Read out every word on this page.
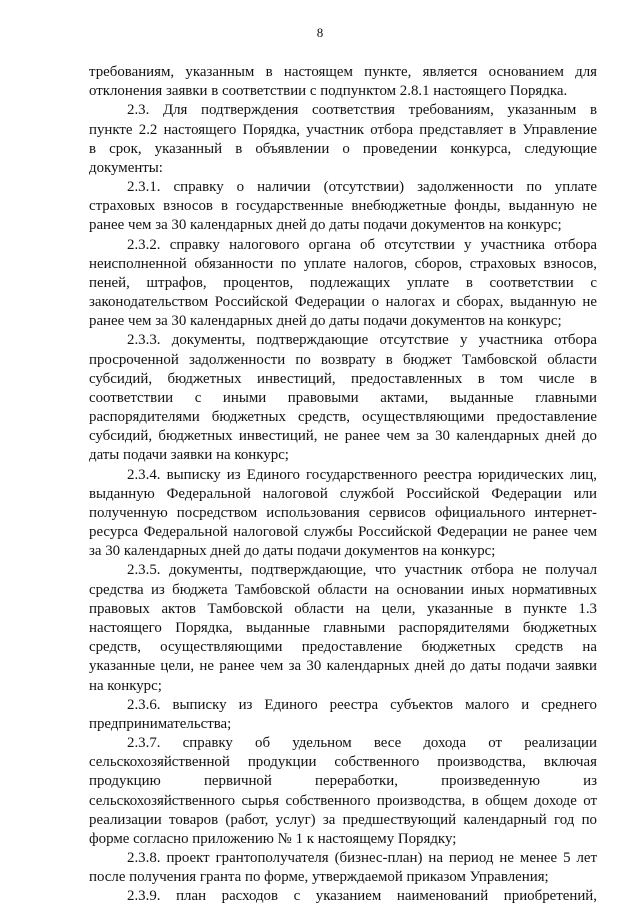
8
требованиям, указанным в настоящем пункте, является основанием для
отклонения заявки в соответствии с подпунктом 2.8.1 настоящего Порядка.
2.3. Для подтверждения соответствия требованиям, указанным в
пункте 2.2 настоящего Порядка, участник отбора представляет в Управление
в срок, указанный в объявлении о проведении конкурса, следующие
документы:
2.3.1. справку о наличии (отсутствии) задолженности по уплате
страховых взносов в государственные внебюджетные фонды, выданную не
ранее чем за 30 календарных дней до даты подачи документов на конкурс;
2.3.2. справку налогового органа об отсутствии у участника отбора
неисполненной обязанности по уплате налогов, сборов, страховых взносов,
пеней, штрафов, процентов, подлежащих уплате в соответствии с
законодательством Российской Федерации о налогах и сборах, выданную не
ранее чем за 30 календарных дней до даты подачи документов на конкурс;
2.3.3. документы, подтверждающие отсутствие у участника отбора
просроченной задолженности по возврату в бюджет Тамбовской области
субсидий, бюджетных инвестиций, предоставленных в том числе в
соответствии с иными правовыми актами, выданные главными
распорядителями бюджетных средств, осуществляющими предоставление
субсидий, бюджетных инвестиций, не ранее чем за 30 календарных дней до
даты подачи заявки на конкурс;
2.3.4. выписку из Единого государственного реестра юридических лиц,
выданную Федеральной налоговой службой Российской Федерации или
полученную посредством использования сервисов официального интернет-
ресурса Федеральной налоговой службы Российской Федерации не ранее чем
за 30 календарных дней до даты подачи документов на конкурс;
2.3.5. документы, подтверждающие, что участник отбора не получал
средства из бюджета Тамбовской области на основании иных нормативных
правовых актов Тамбовской области на цели, указанные в пункте 1.3
настоящего Порядка, выданные главными распорядителями бюджетных
средств, осуществляющими предоставление бюджетных средств на
указанные цели, не ранее чем за 30 календарных дней до даты подачи заявки
на конкурс;
2.3.6. выписку из Единого реестра субъектов малого и среднего
предпринимательства;
2.3.7. справку об удельном весе дохода от реализации
сельскохозяйственной продукции собственного производства, включая
продукцию первичной переработки, произведенную из
сельскохозяйственного сырья собственного производства, в общем доходе от
реализации товаров (работ, услуг) за предшествующий календарный год по
форме согласно приложению № 1 к настоящему Порядку;
2.3.8. проект грантополучателя (бизнес-план) на период не менее 5 лет
после получения гранта по форме, утверждаемой приказом Управления;
2.3.9. план расходов с указанием наименований приобретений,
